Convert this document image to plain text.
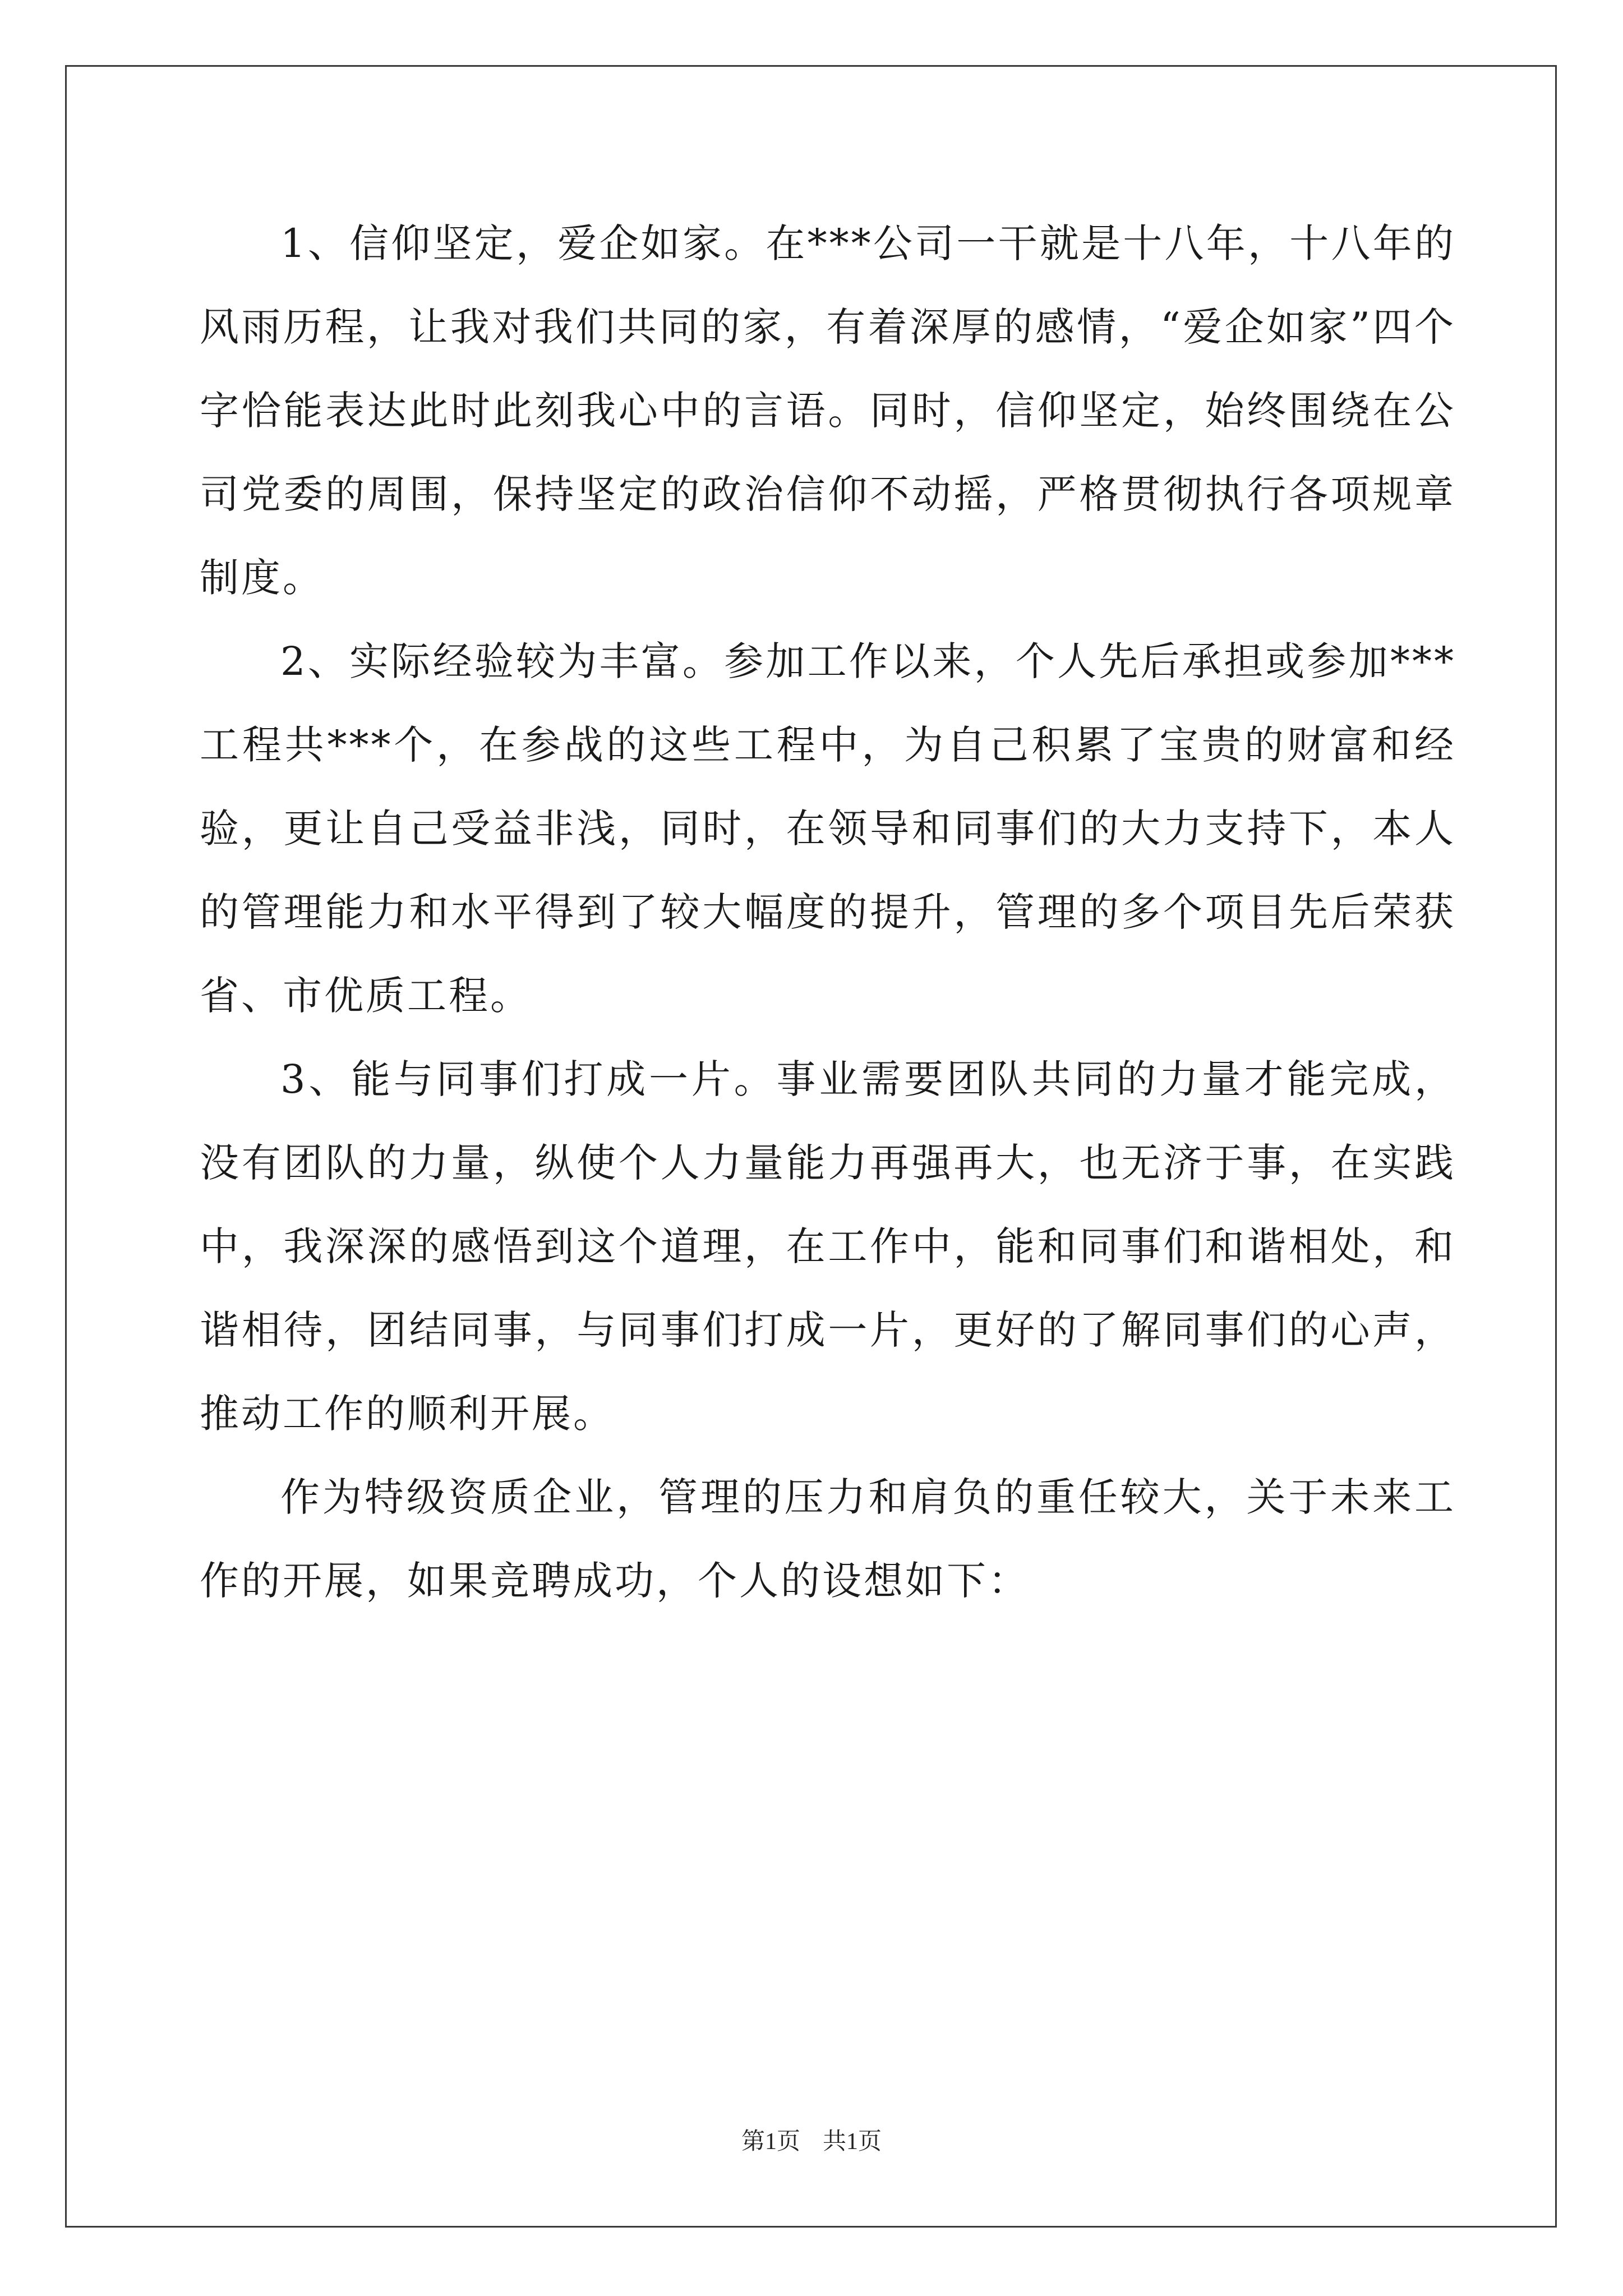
1、信仰坚定，爱企如家。在***公司一干就是十八年，十八年的风雨历程，让我对我们共同的家，有着深厚的感情，“爱企如家”四个字恰能表达此时此刻我心中的言语。同时，信仰坚定，始终围绕在公司党委的周围，保持坚定的政治信仰不动摇，严格贯彻执行各项规章制度。

2、实际经验较为丰富。参加工作以来，个人先后承担或参加***工程共***个，在参战的这些工程中，为自己积累了宝贵的财富和经验，更让自己受益非浅，同时，在领导和同事们的大力支持下，本人的管理能力和水平得到了较大幅度的提升，管理的多个项目先后荣获省、市优质工程。

3、能与同事们打成一片。事业需要团队共同的力量才能完成，没有团队的力量，纵使个人力量能力再强再大，也无济于事，在实践中，我深深的感悟到这个道理，在工作中，能和同事们和谐相处，和谐相待，团结同事，与同事们打成一片，更好的了解同事们的心声，推动工作的顺利开展。

作为特级资质企业，管理的压力和肩负的重任较大，关于未来工作的开展，如果竞聘成功，个人的设想如下：

第1页 共1页
